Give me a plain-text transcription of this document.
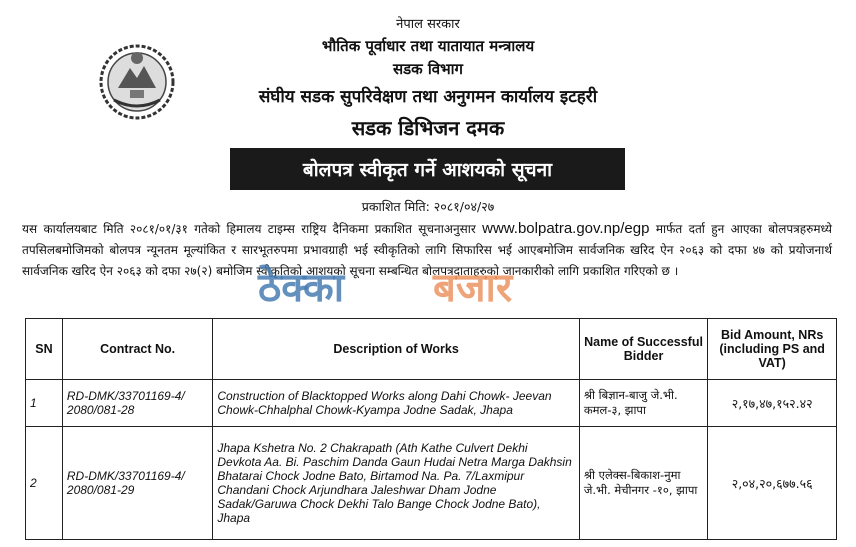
नेपाल सरकार
भौतिक पूर्वाधार तथा यातायात मन्त्रालय
सडक विभाग
संघीय सडक सुपरिवेक्षण तथा अनुगमन कार्यालय इटहरी
सडक डिभिजन दमक
बोलपत्र स्वीकृत गर्ने आशयको सूचना
प्रकाशित मिति: २०८१/०४/२७
यस कार्यालयबाट मिति २०८१/०१/३१ गतेको हिमालय टाइम्स राष्ट्रिय दैनिकमा प्रकाशित सूचनाअनुसार www.bolpatra.gov.np/egp मार्फत दर्ता हुन आएका बोलपत्रहरुमध्ये तपसिलबमोजिमको बोलपत्र न्यूनतम मूल्यांकित र सारभूतरुपमा प्रभावग्राही भई स्वीकृतिको लागि सिफारिस भई आएबमोजिम सार्वजनिक खरिद ऐन २०६३ को दफा ४७ को प्रयोजनार्थ सार्वजनिक खरिद ऐन २०६३ को दफा २७(२) बमोजिम स्वीकृतिको आशयको सूचना सम्बन्धित बोलपत्रदाताहरुको जानकारीको लागि प्रकाशित गरिएको छ ।
SN	Contract No.	Description of Works	Name of Successful Bidder	Bid Amount, NRs (including PS and VAT)
1	RD-DMK/33701169-4/ 2080/081-28	Construction of Blacktopped Works along Dahi Chowk- Jeevan Chowk-Chhalphal Chowk-Kyampa Jodne Sadak, Jhapa	श्री बिज्ञान-बाजु जे.भी. कमल-३, झापा	२,१७,४७,१५२.४२
2	RD-DMK/33701169-4/ 2080/081-29	Jhapa Kshetra No. 2 Chakrapath (Ath Kathe Culvert Dekhi Devkota Aa. Bi. Paschim Danda Gaun Hudai Netra Marga Dakhsin Bhatarai Chock Jodne Bato, Birtamod Na. Pa. 7/Laxmipur Chandani Chock Arjundhara Jaleshwar Dham Jodne Sadak/Garuwa Chock Dekhi Talo Bange Chock Jodne Bato), Jhapa	श्री एलेक्स-बिकाश-नुमा जे.भी. मेचीनगर -१०, झापा	२,०४,२०,६७७.५६
ठेक्का बजार
